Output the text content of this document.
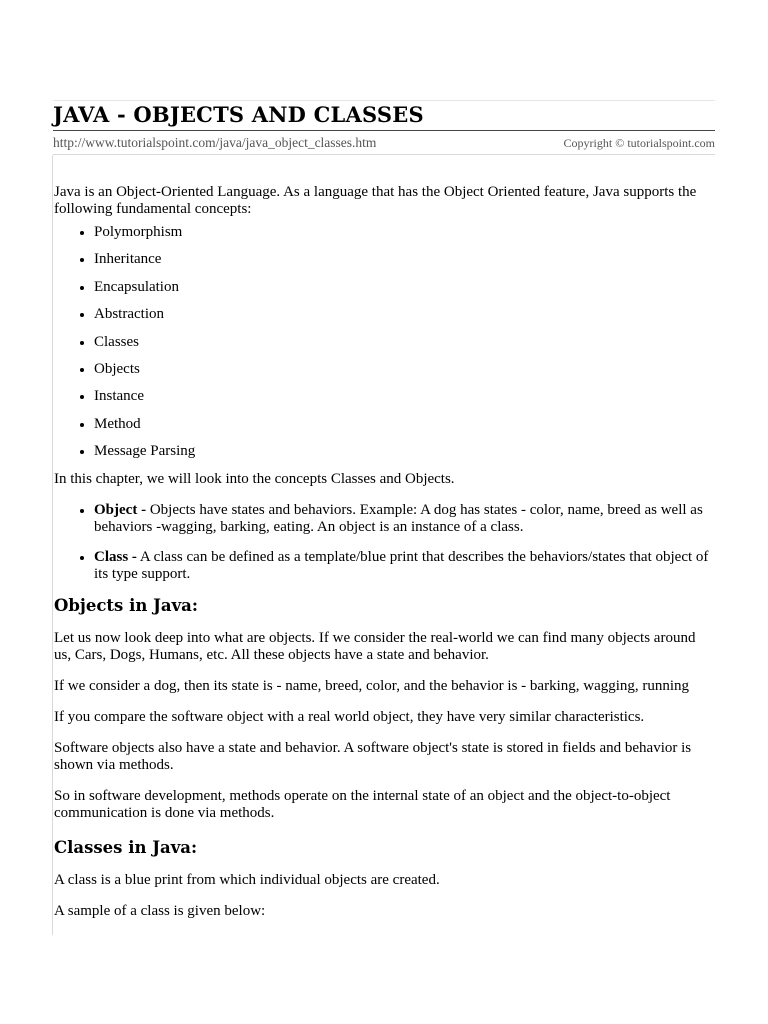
JAVA - OBJECTS AND CLASSES
http://www.tutorialspoint.com/java/java_object_classes.htm	Copyright © tutorialspoint.com

Java is an Object-Oriented Language. As a language that has the Object Oriented feature, Java supports the following fundamental concepts:

Polymorphism
Inheritance
Encapsulation
Abstraction
Classes
Objects
Instance
Method
Message Parsing

In this chapter, we will look into the concepts Classes and Objects.

Object - Objects have states and behaviors. Example: A dog has states - color, name, breed as well as behaviors -wagging, barking, eating. An object is an instance of a class.
Class - A class can be defined as a template/blue print that describes the behaviors/states that object of its type support.
Objects in Java:

Let us now look deep into what are objects. If we consider the real-world we can find many objects around us, Cars, Dogs, Humans, etc. All these objects have a state and behavior.

If we consider a dog, then its state is - name, breed, color, and the behavior is - barking, wagging, running

If you compare the software object with a real world object, they have very similar characteristics.

Software objects also have a state and behavior. A software object's state is stored in fields and behavior is shown via methods.

So in software development, methods operate on the internal state of an object and the object-to-object communication is done via methods.

Classes in Java:

A class is a blue print from which individual objects are created.

A sample of a class is given below:
